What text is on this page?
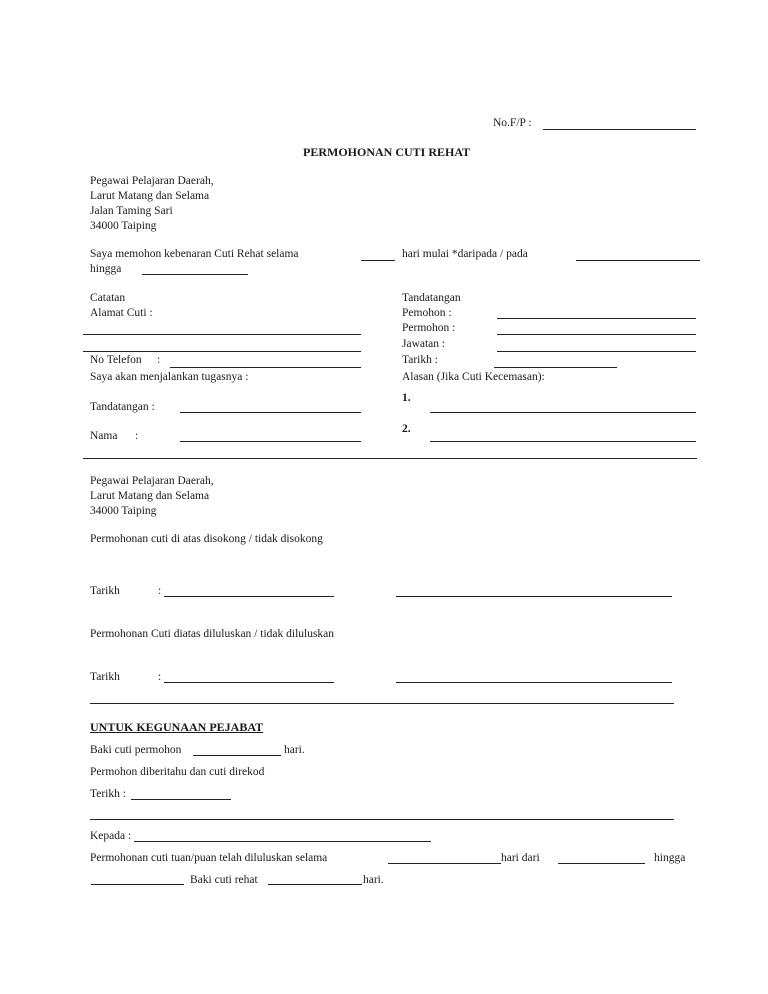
No.F/P :
PERMOHONAN CUTI REHAT
Pegawai Pelajaran Daerah,
Larut Matang dan Selama
Jalan Taming Sari
34000 Taiping
Saya memohon kebenaran Cuti Rehat selama	hari mulai *daripada / pada
hingga
Catatan
Alamat Cuti :
No Telefon :
Saya akan menjalankan tugasnya :
Tandatangan :
Nama :
Tandatangan
Pemohon :
Permohon :
Jawatan :
Tarikh :
Alasan (Jika Cuti Kecemasan):
1.
2.
Pegawai Pelajaran Daerah,
Larut Matang dan Selama
34000 Taiping
Permohonan cuti di atas disokong / tidak disokong
Tarikh	:
Permohonan Cuti diatas diluluskan / tidak diluluskan
Tarikh	:
UNTUK KEGUNAAN PEJABAT
Baki cuti permohon	hari.
Permohon diberitahu dan cuti direkod
Terikh :
Kepada :
Permohonan cuti tuan/puan telah diluluskan selama	hari dari	hingga
Baki cuti rehat	hari.
